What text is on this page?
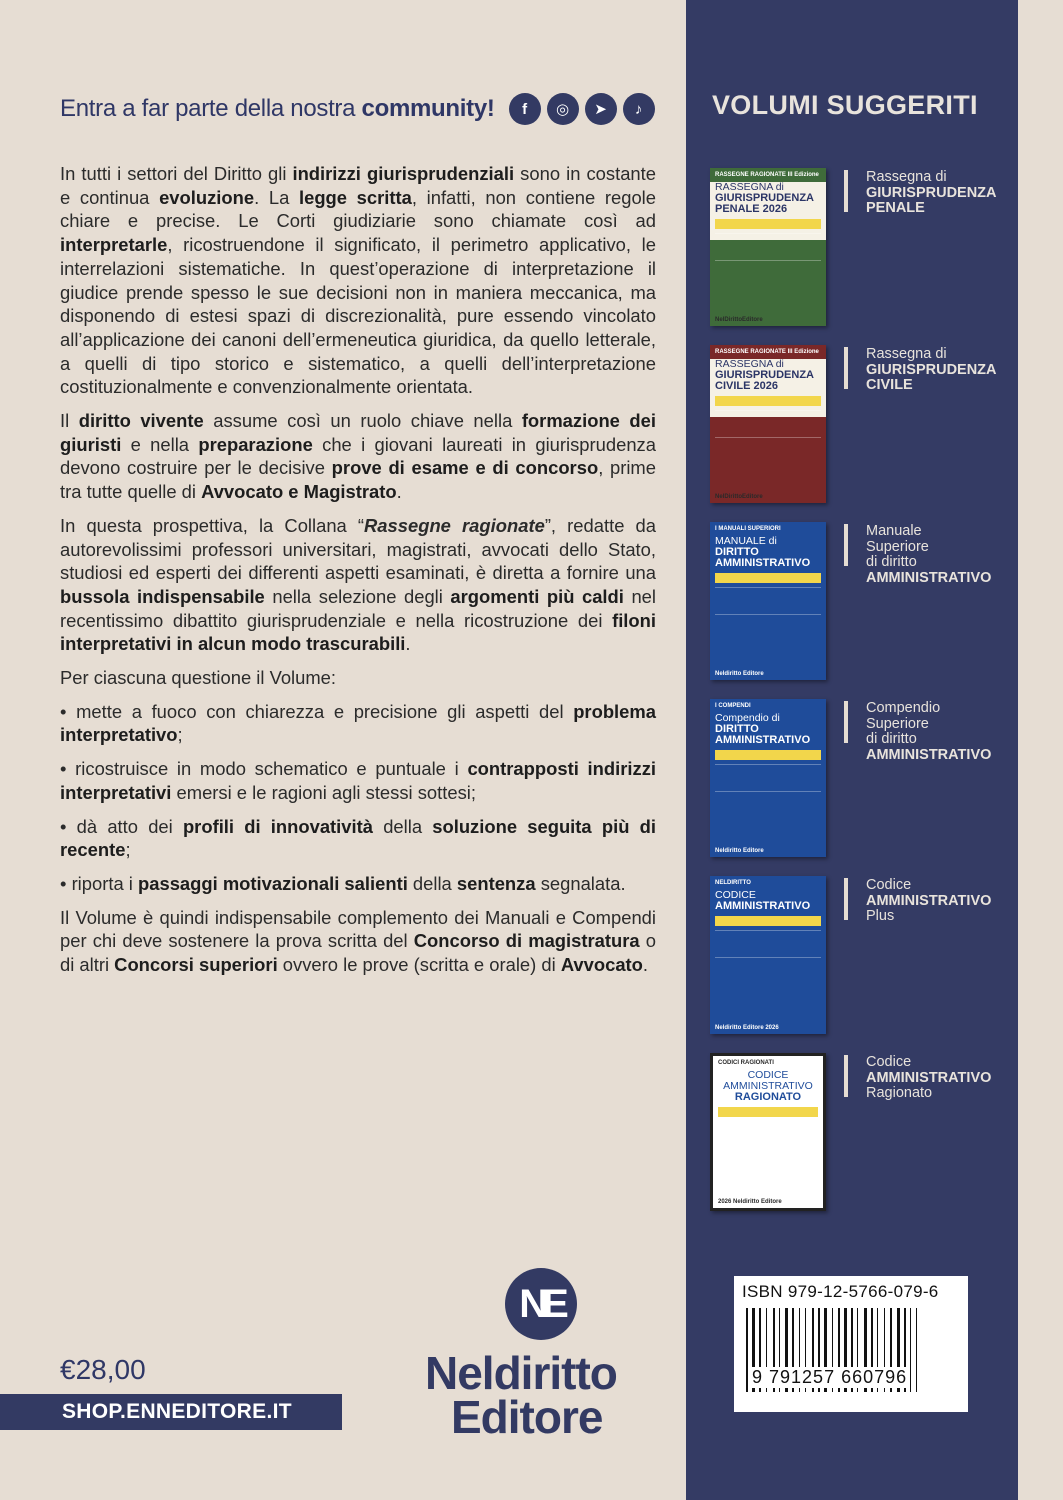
Entra a far parte della nostra community!	f	◎	➤	♪

In tutti i settori del Diritto gli indirizzi giurisprudenziali sono in costante e continua evoluzione. La legge scritta, infatti, non contiene regole chiare e precise. Le Corti giudiziarie sono chiamate così ad interpretarle, ricostruendone il significato, il perimetro applicativo, le interrelazioni sistematiche. In quest’operazione di interpretazione il giudice prende spesso le sue decisioni non in maniera meccanica, ma disponendo di estesi spazi di discrezionalità, pure essendo vincolato all’applicazione dei canoni dell’ermeneutica giuridica, da quello letterale, a quelli di tipo storico e sistematico, a quelli dell’interpretazione costituzionalmente e convenzionalmente orientata.

Il diritto vivente assume così un ruolo chiave nella formazione dei giuristi e nella preparazione che i giovani laureati in giurisprudenza devono costruire per le decisive prove di esame e di concorso, prime tra tutte quelle di Avvocato e Magistrato.

In questa prospettiva, la Collana “Rassegne ragionate”, redatte da autorevolissimi professori universitari, magistrati, avvocati dello Stato, studiosi ed esperti dei differenti aspetti esaminati, è diretta a fornire una bussola indispensabile nella selezione degli argomenti più caldi nel recentissimo dibattito giurisprudenziale e nella ricostruzione dei filoni interpretativi in alcun modo trascurabili.

Per ciascuna questione il Volume:

• mette a fuoco con chiarezza e precisione gli aspetti del problema interpretativo;

• ricostruisce in modo schematico e puntuale i contrapposti indirizzi interpretativi emersi e le ragioni agli stessi sottesi;

• dà atto dei profili di innovatività della soluzione seguita più di recente;

• riporta i passaggi motivazionali salienti della sentenza segnalata.

Il Volume è quindi indispensabile complemento dei Manuali e Compendi per chi deve sostenere la prova scritta del Concorso di magistratura o di altri Concorsi superiori ovvero le prove (scritta e orale) di Avvocato.

€28,00
SHOP.ENNEDITORE.IT
NE
Neldiritto
Editore
VOLUMI SUGGERITI
RASSEGNE RAGIONATE III Edizione
RASSEGNA di
GIURISPRUDENZA PENALE 2026
NelDirittoEditore
Rassegna di
GIURISPRUDENZA
PENALE
RASSEGNE RAGIONATE III Edizione
RASSEGNA di
GIURISPRUDENZA CIVILE 2026
NelDirittoEditore
Rassegna di
GIURISPRUDENZA
CIVILE
I MANUALI SUPERIORI
MANUALE di
DIRITTO AMMINISTRATIVO
Neldiritto Editore
Manuale
Superiore
di diritto
AMMINISTRATIVO
I COMPENDI
Compendio di
DIRITTO AMMINISTRATIVO
Neldiritto Editore
Compendio
Superiore
di diritto
AMMINISTRATIVO
NELDIRITTO
CODICE
AMMINISTRATIVO
Neldiritto Editore 2026
Codice
AMMINISTRATIVO
Plus
CODICI RAGIONATI
CODICE AMMINISTRATIVO
RAGIONATO
2026 Neldiritto Editore
Codice
AMMINISTRATIVO
Ragionato
ISBN 979-12-5766-079-6
9 791257 660796
